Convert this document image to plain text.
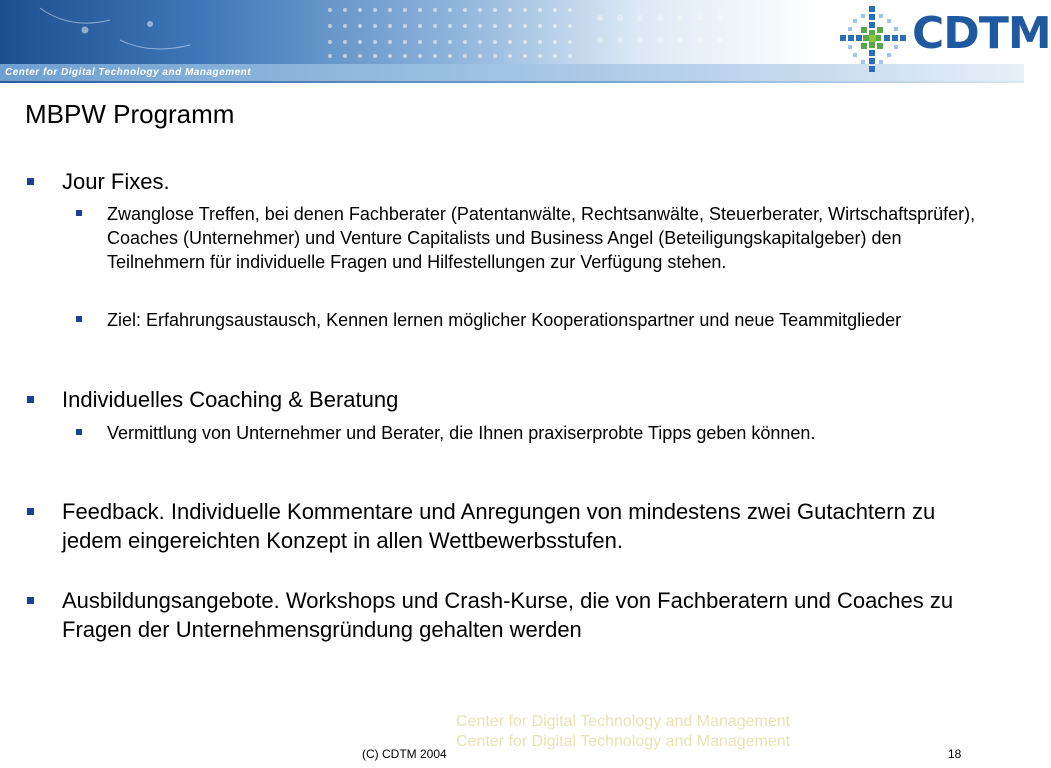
Center for Digital Technology and Management
CDTM
MBPW Programm
Jour Fixes.
Zwanglose Treffen, bei denen Fachberater (Patentanwälte, Rechtsanwälte, Steuerberater, Wirtschaftsprüfer), Coaches (Unternehmer) und Venture Capitalists und Business Angel (Beteiligungskapitalgeber) den Teilnehmern für individuelle Fragen und Hilfestellungen zur Verfügung stehen.
Ziel: Erfahrungsaustausch, Kennen lernen möglicher Kooperationspartner und neue Teammitglieder
Individuelles Coaching & Beratung
Vermittlung von Unternehmer und Berater, die Ihnen praxiserprobte Tipps geben können.
Feedback. Individuelle Kommentare und Anregungen von mindestens zwei Gutachtern zu jedem eingereichten Konzept in allen Wettbewerbsstufen.
Ausbildungsangebote. Workshops und Crash-Kurse, die von Fachberatern und Coaches zu Fragen der Unternehmensgründung gehalten werden
Center for Digital Technology and Management
Center for Digital Technology and Management
(C) CDTM 2004	18
